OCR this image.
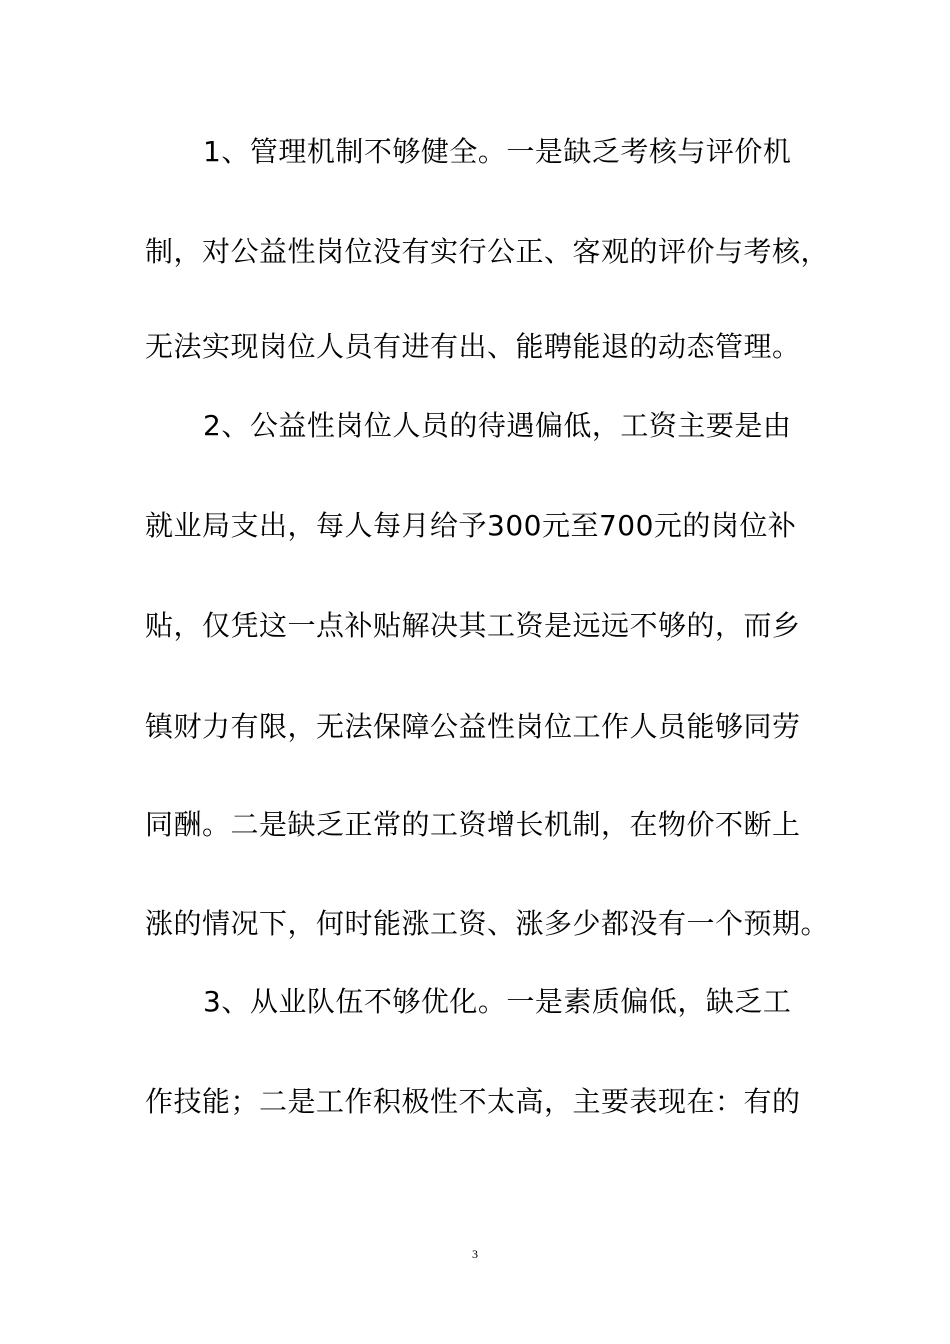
1、管理机制不够健全。一是缺乏考核与评价机
制，对公益性岗位没有实行公正、客观的评价与考核，
无法实现岗位人员有进有出、能聘能退的动态管理。
2、公益性岗位人员的待遇偏低，工资主要是由
就业局支出，每人每月给予300元至700元的岗位补
贴，仅凭这一点补贴解决其工资是远远不够的，而乡
镇财力有限，无法保障公益性岗位工作人员能够同劳
同酬。二是缺乏正常的工资增长机制，在物价不断上
涨的情况下，何时能涨工资、涨多少都没有一个预期。
3、从业队伍不够优化。一是素质偏低，缺乏工
作技能；二是工作积极性不太高，主要表现在：有的
3
